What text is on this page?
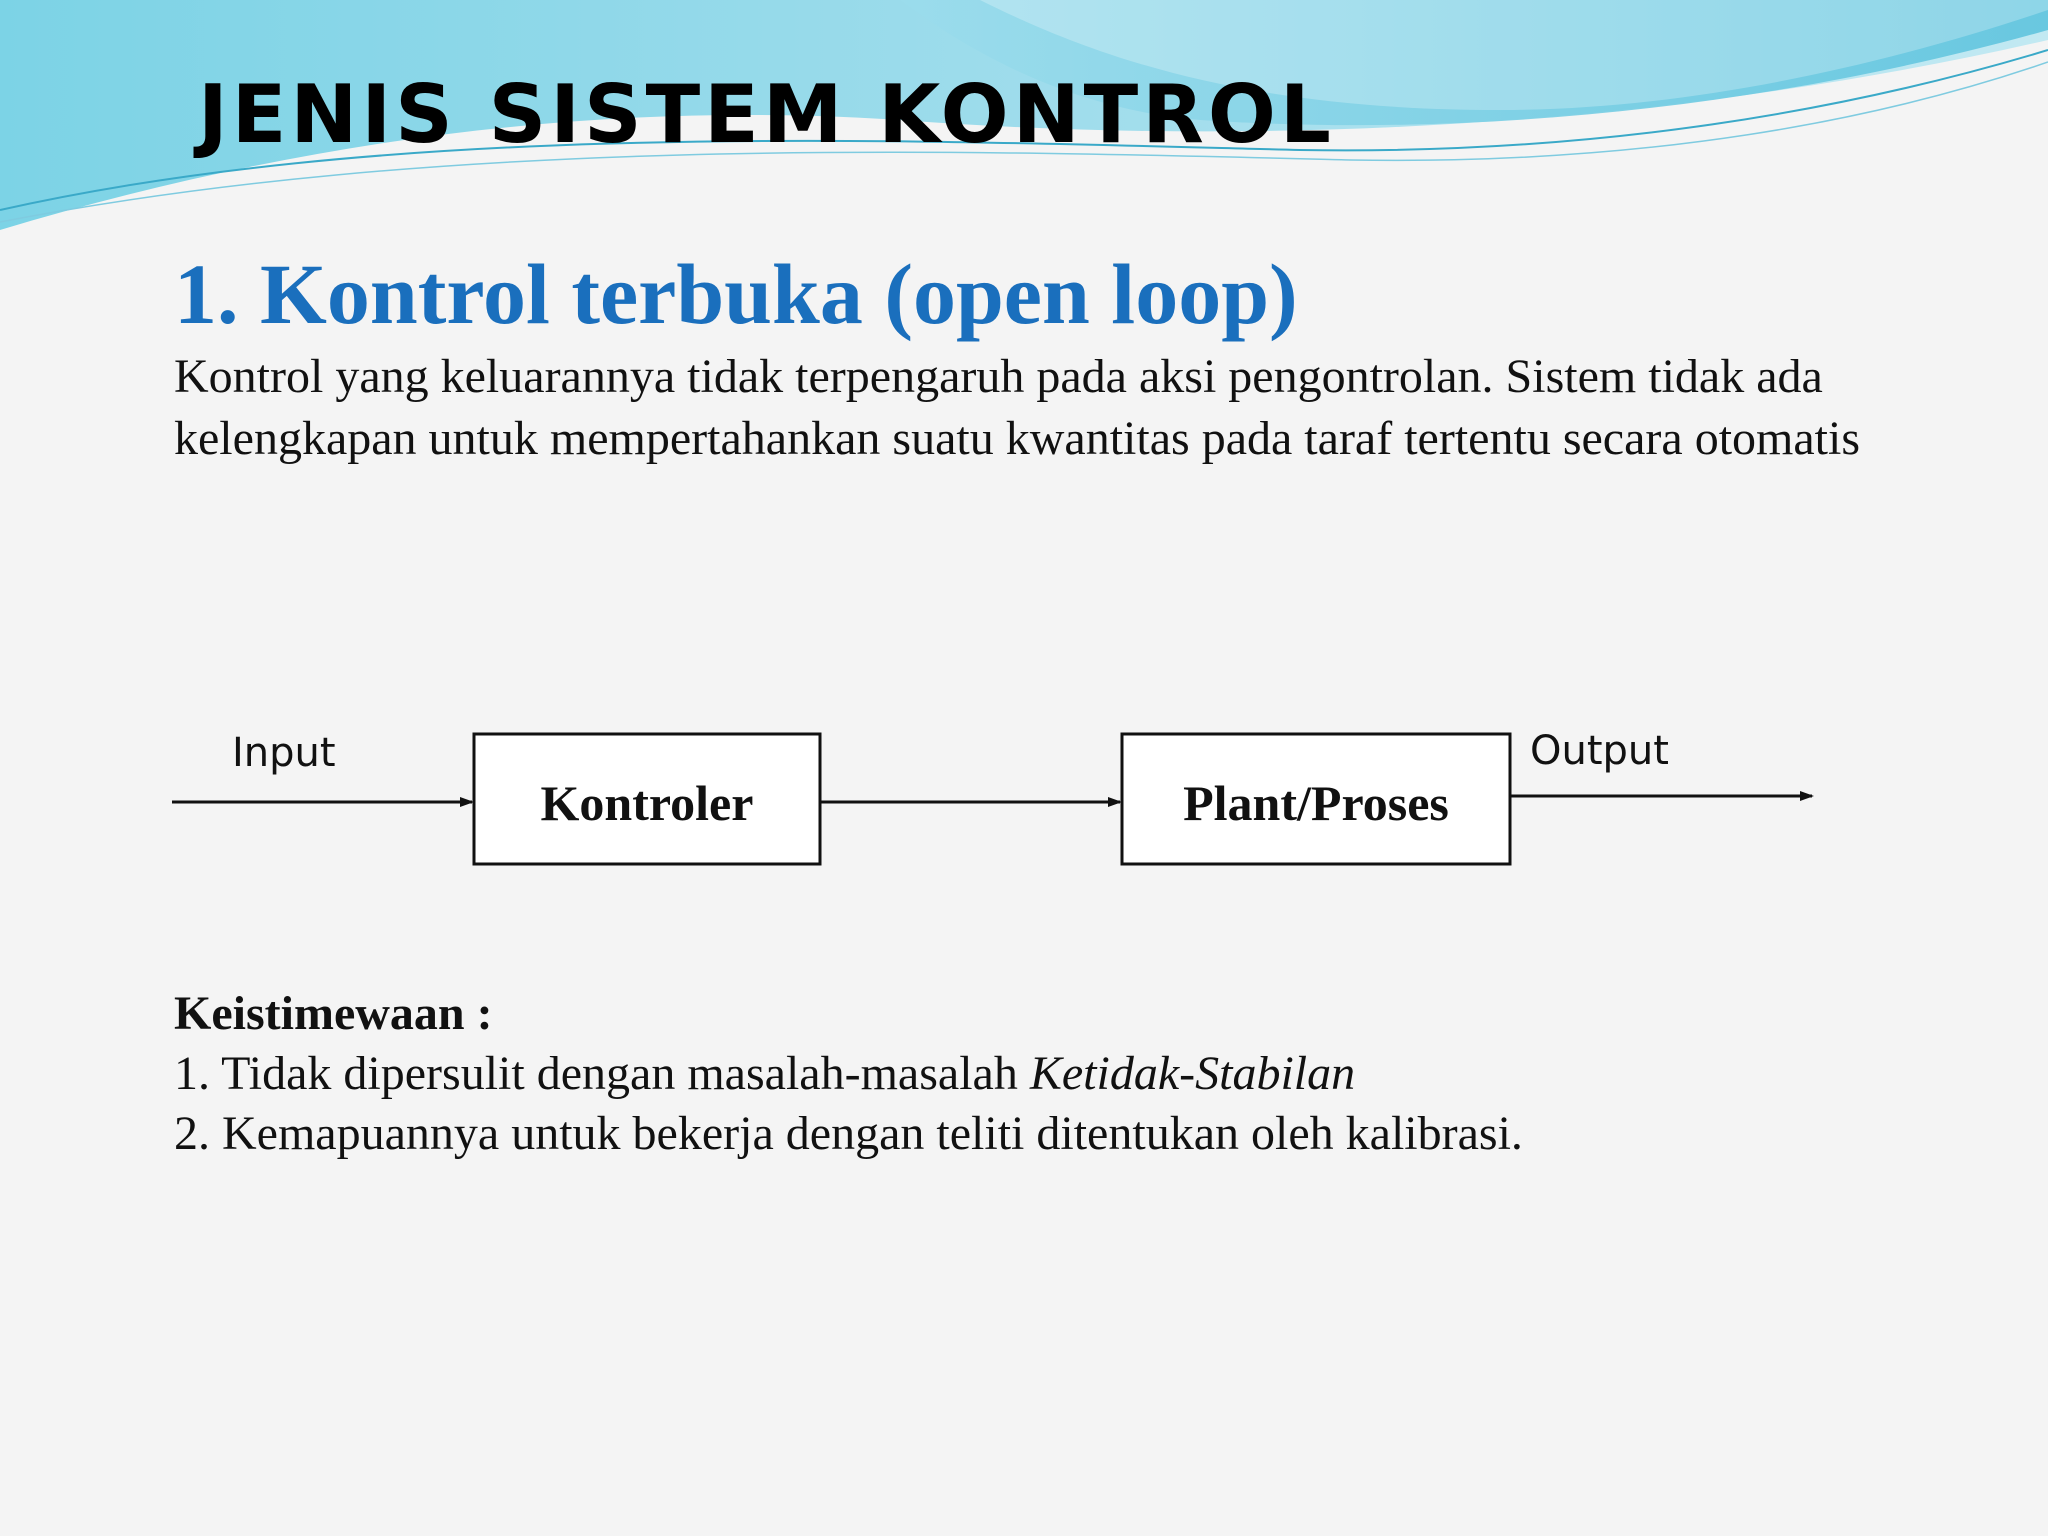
JENIS SISTEM KONTROL
1. Kontrol terbuka (open loop)

Kontrol yang keluarannya tidak terpengaruh pada aksi pengontrolan. Sistem tidak ada kelengkapan untuk mempertahankan suatu kwantitas pada taraf tertentu secara otomatis

Input
Kontroler	Plant/Proses
Output

Keistimewaan :

1. Tidak dipersulit dengan masalah-masalah Ketidak-Stabilan

2. Kemapuannya untuk bekerja dengan teliti ditentukan oleh kalibrasi.
